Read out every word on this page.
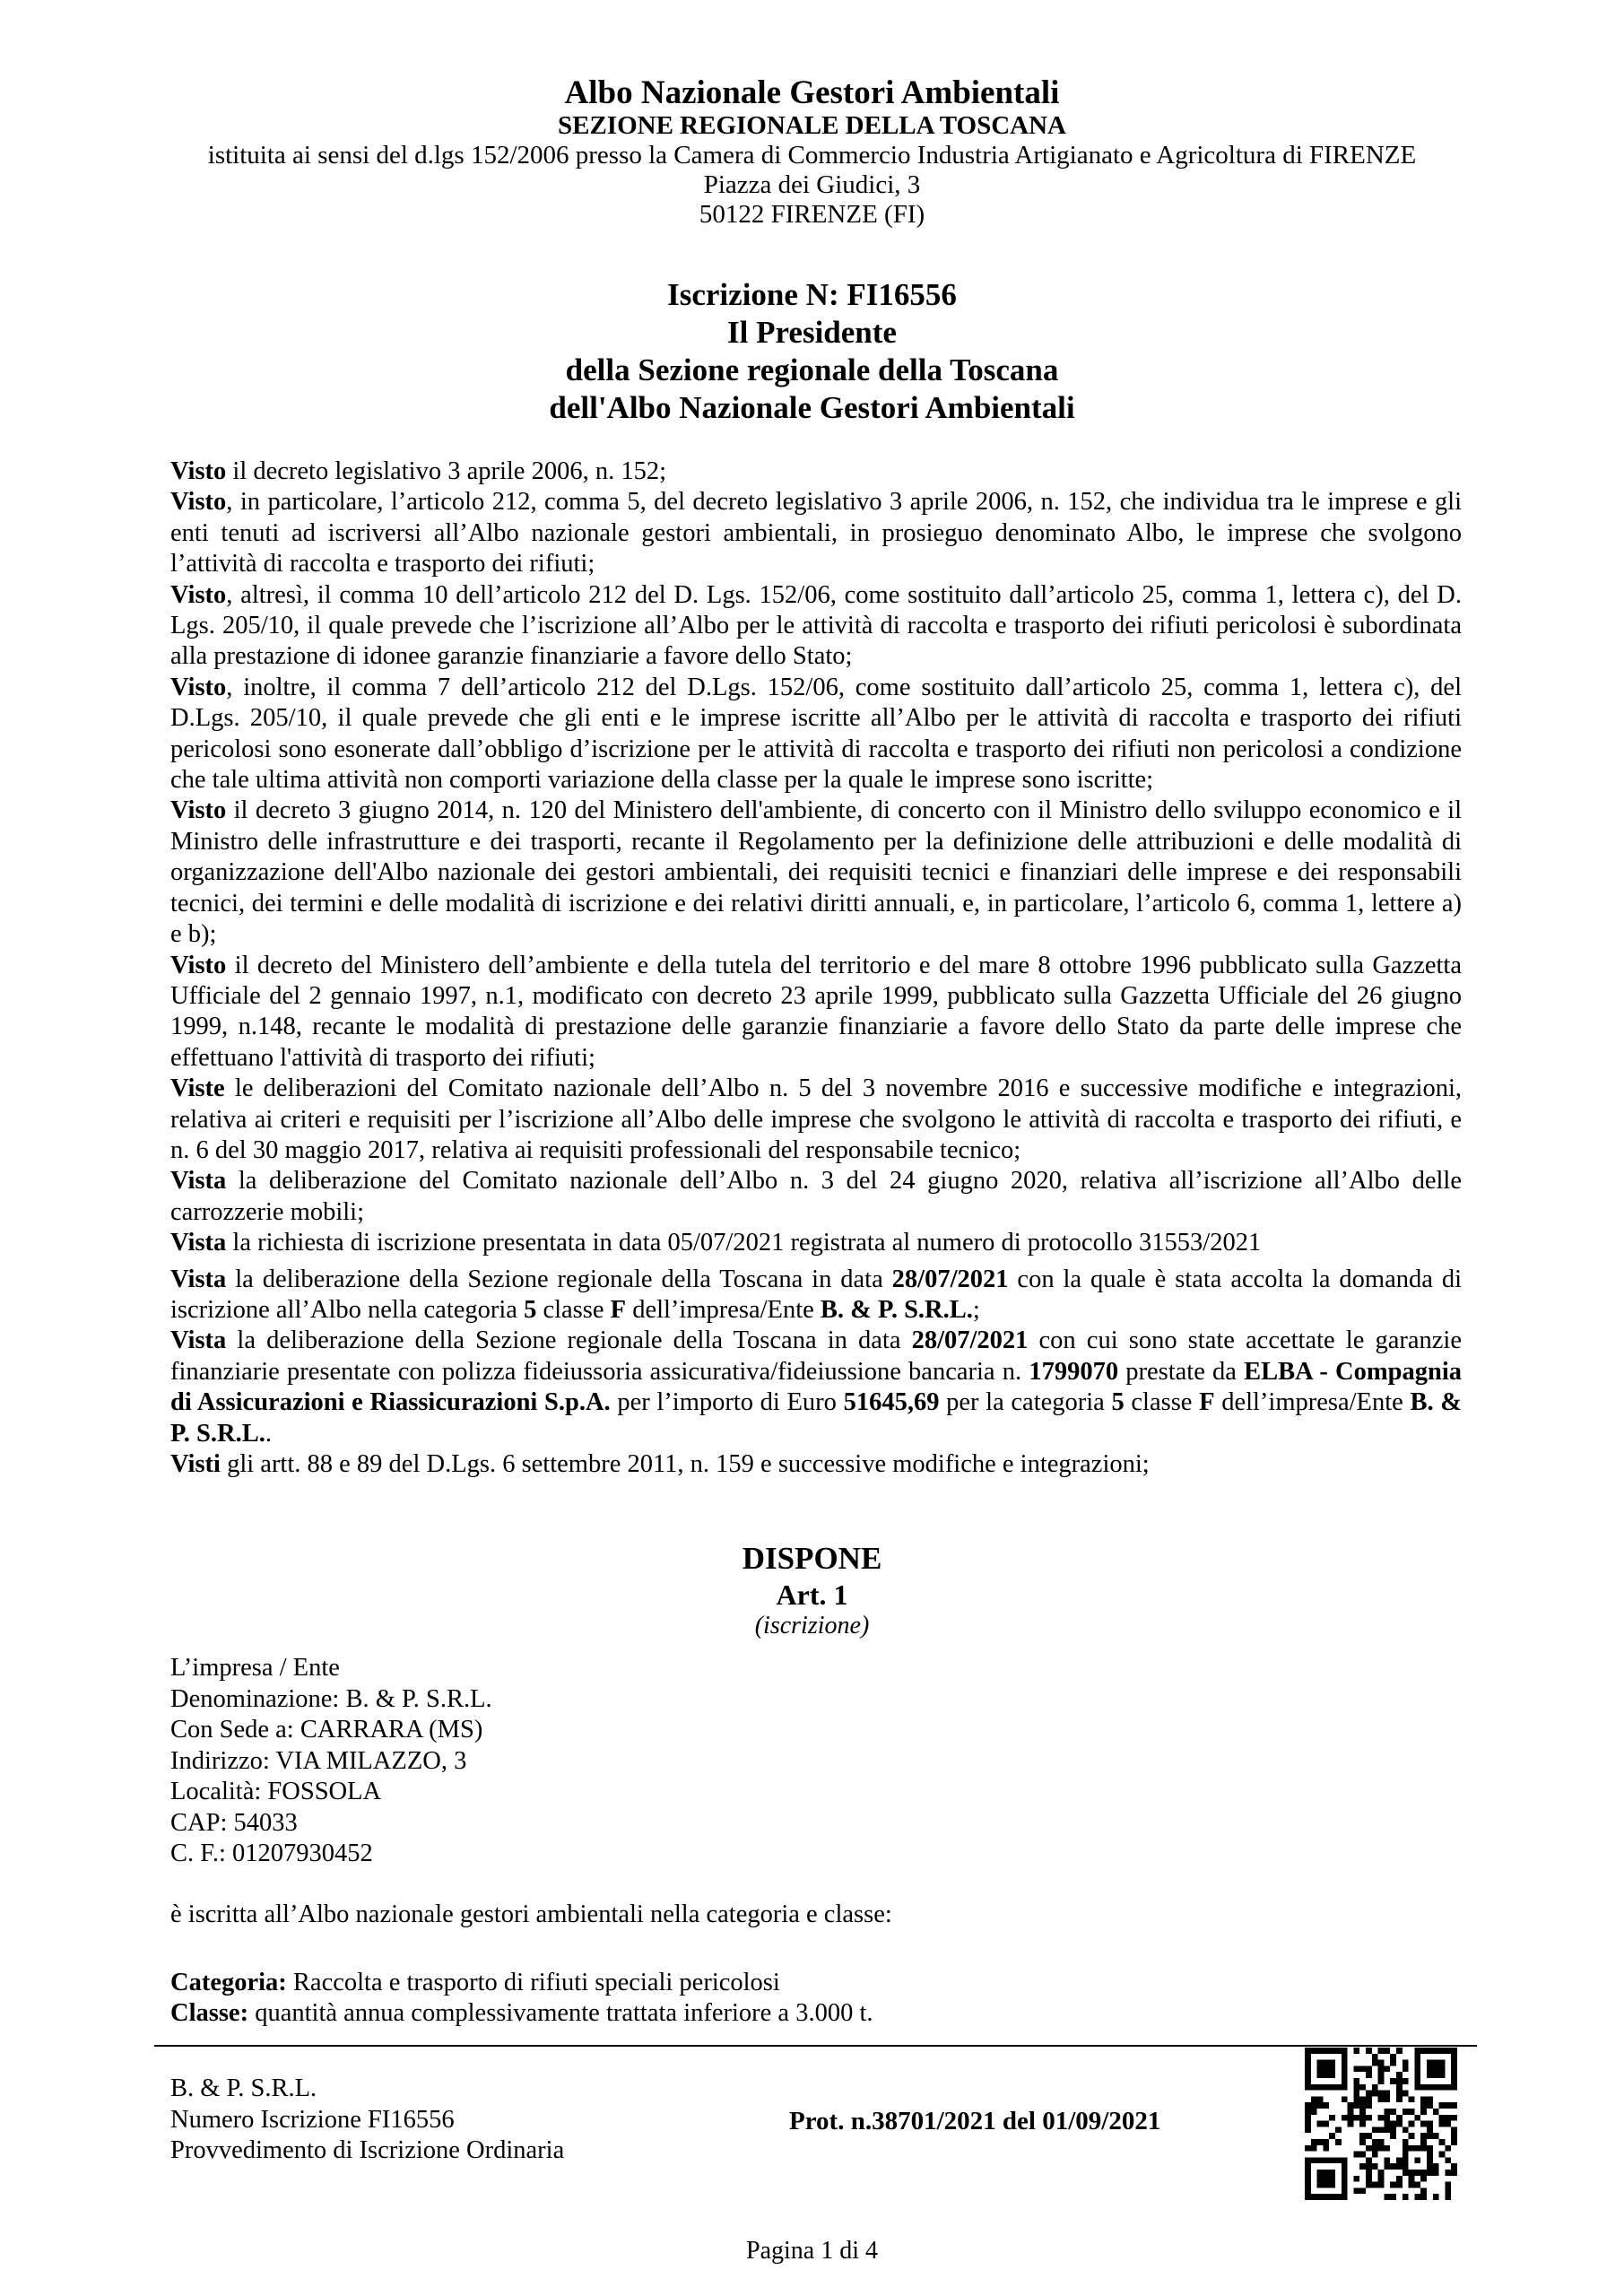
Albo Nazionale Gestori Ambientali
SEZIONE REGIONALE DELLA TOSCANA
istituita ai sensi del d.lgs 152/2006 presso la Camera di Commercio Industria Artigianato e Agricoltura di FIRENZE
Piazza dei Giudici, 3
50122 FIRENZE (FI)
Iscrizione N: FI16556
Il Presidente
della Sezione regionale della Toscana
dell'Albo Nazionale Gestori Ambientali

Visto il decreto legislativo 3 aprile 2006, n. 152;

Visto, in particolare, l’articolo 212, comma 5, del decreto legislativo 3 aprile 2006, n. 152, che individua tra le imprese e gli enti tenuti ad iscriversi all’Albo nazionale gestori ambientali, in prosieguo denominato Albo, le imprese che svolgono l’attività di raccolta e trasporto dei rifiuti;

Visto, altresì, il comma 10 dell’articolo 212 del D. Lgs. 152/06, come sostituito dall’articolo 25, comma 1, lettera c), del D. Lgs. 205/10, il quale prevede che l’iscrizione all’Albo per le attività di raccolta e trasporto dei rifiuti pericolosi è subordinata alla prestazione di idonee garanzie finanziarie a favore dello Stato;

Visto, inoltre, il comma 7 dell’articolo 212 del D.Lgs. 152/06, come sostituito dall’articolo 25, comma 1, lettera c), del D.Lgs. 205/10, il quale prevede che gli enti e le imprese iscritte all’Albo per le attività di raccolta e trasporto dei rifiuti pericolosi sono esonerate dall’obbligo d’iscrizione per le attività di raccolta e trasporto dei rifiuti non pericolosi a condizione che tale ultima attività non comporti variazione della classe per la quale le imprese sono iscritte;

Visto il decreto 3 giugno 2014, n. 120 del Ministero dell'ambiente, di concerto con il Ministro dello sviluppo economico e il Ministro delle infrastrutture e dei trasporti, recante il Regolamento per la definizione delle attribuzioni e delle modalità di organizzazione dell'Albo nazionale dei gestori ambientali, dei requisiti tecnici e finanziari delle imprese e dei responsabili tecnici, dei termini e delle modalità di iscrizione e dei relativi diritti annuali, e, in particolare, l’articolo 6, comma 1, lettere a) e b);

Visto il decreto del Ministero dell’ambiente e della tutela del territorio e del mare 8 ottobre 1996 pubblicato sulla Gazzetta Ufficiale del 2 gennaio 1997, n.1, modificato con decreto 23 aprile 1999, pubblicato sulla Gazzetta Ufficiale del 26 giugno 1999, n.148, recante le modalità di prestazione delle garanzie finanziarie a favore dello Stato da parte delle imprese che effettuano l'attività di trasporto dei rifiuti;

Viste le deliberazioni del Comitato nazionale dell’Albo n. 5 del 3 novembre 2016 e successive modifiche e integrazioni, relativa ai criteri e requisiti per l’iscrizione all’Albo delle imprese che svolgono le attività di raccolta e trasporto dei rifiuti, e n. 6 del 30 maggio 2017, relativa ai requisiti professionali del responsabile tecnico;

Vista la deliberazione del Comitato nazionale dell’Albo n. 3 del 24 giugno 2020, relativa all’iscrizione all’Albo delle carrozzerie mobili;

Vista la richiesta di iscrizione presentata in data 05/07/2021 registrata al numero di protocollo 31553/2021

Vista la deliberazione della Sezione regionale della Toscana in data 28/07/2021 con la quale è stata accolta la domanda di iscrizione all’Albo nella categoria 5 classe F dell’impresa/Ente B. & P. S.R.L.;

Vista la deliberazione della Sezione regionale della Toscana in data 28/07/2021 con cui sono state accettate le garanzie finanziarie presentate con polizza fideiussoria assicurativa/fideiussione bancaria n. 1799070 prestate da ELBA - Compagnia di Assicurazioni e Riassicurazioni S.p.A. per l’importo di Euro 51645,69 per la categoria 5 classe F dell’impresa/Ente B. & P. S.R.L..

Visti gli artt. 88 e 89 del D.Lgs. 6 settembre 2011, n. 159 e successive modifiche e integrazioni;

DISPONE
Art. 1
(iscrizione)
L’impresa / Ente
Denominazione: B. & P. S.R.L.
Con Sede a: CARRARA (MS)
Indirizzo: VIA MILAZZO, 3
Località: FOSSOLA
CAP: 54033
C. F.: 01207930452
è iscritta all’Albo nazionale gestori ambientali nella categoria e classe:
Categoria: Raccolta e trasporto di rifiuti speciali pericolosi
Classe: quantità annua complessivamente trattata inferiore a 3.000 t.
B. & P. S.R.L.
Numero Iscrizione FI16556
Provvedimento di Iscrizione Ordinaria
Prot. n.38701/2021 del 01/09/2021
Pagina 1 di 4
